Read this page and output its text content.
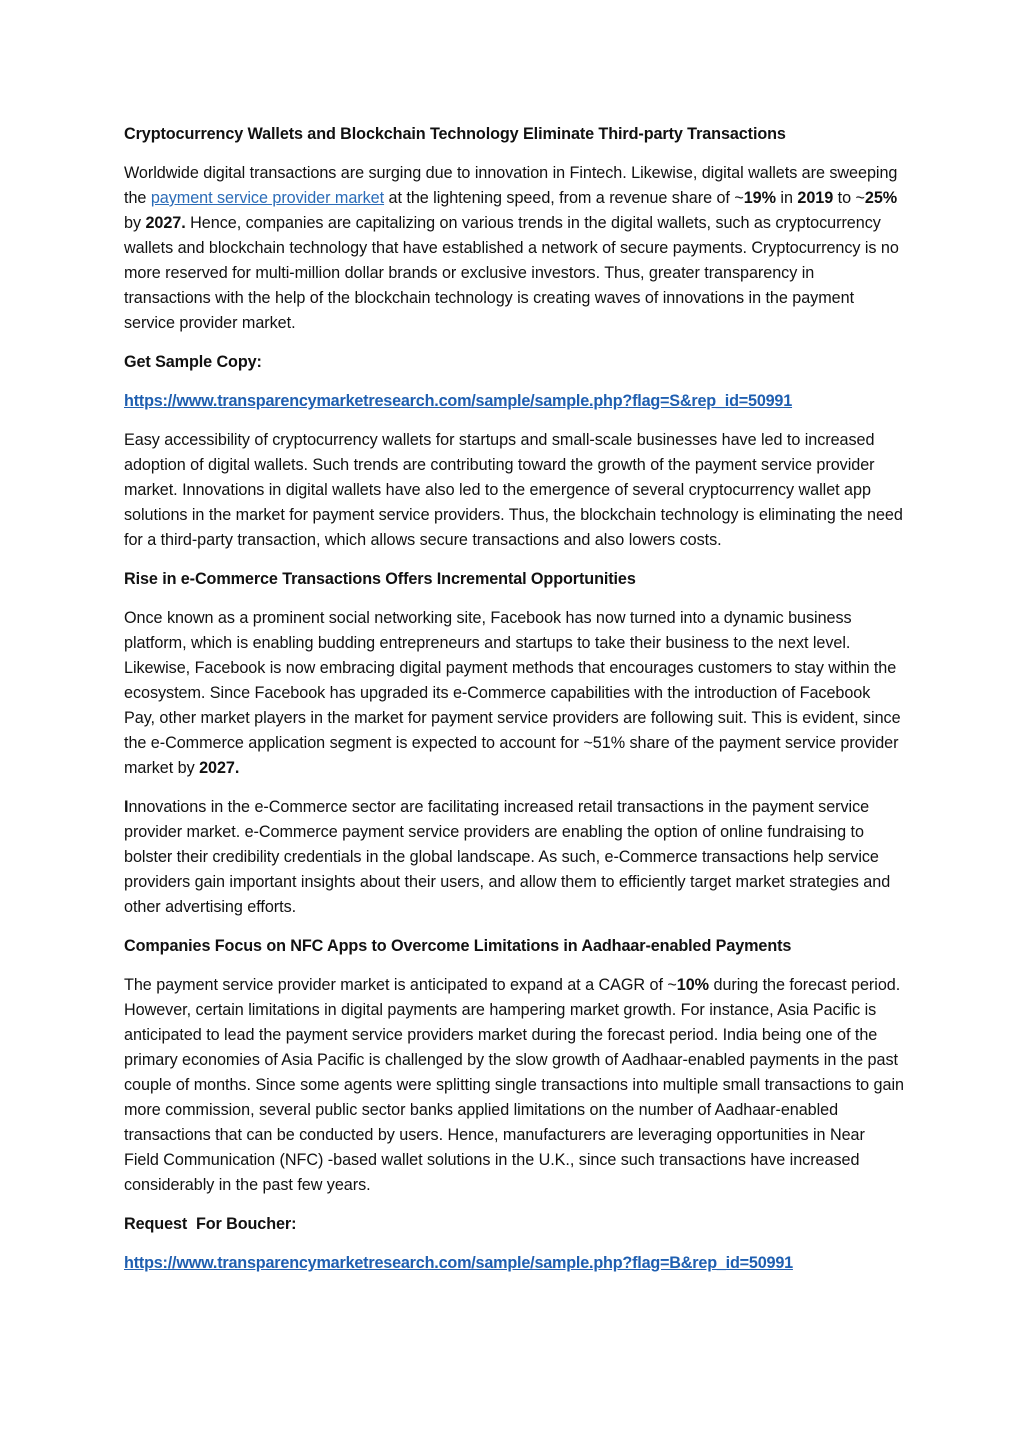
Cryptocurrency Wallets and Blockchain Technology Eliminate Third-party Transactions

Worldwide digital transactions are surging due to innovation in Fintech. Likewise, digital wallets are sweeping the payment service provider market at the lightening speed, from a revenue share of ~19% in 2019 to ~25% by 2027. Hence, companies are capitalizing on various trends in the digital wallets, such as cryptocurrency wallets and blockchain technology that have established a network of secure payments. Cryptocurrency is no more reserved for multi-million dollar brands or exclusive investors. Thus, greater transparency in transactions with the help of the blockchain technology is creating waves of innovations in the payment service provider market.

Get Sample Copy:
https://www.transparencymarketresearch.com/sample/sample.php?flag=S&rep_id=50991

Easy accessibility of cryptocurrency wallets for startups and small-scale businesses have led to increased adoption of digital wallets. Such trends are contributing toward the growth of the payment service provider market. Innovations in digital wallets have also led to the emergence of several cryptocurrency wallet app solutions in the market for payment service providers. Thus, the blockchain technology is eliminating the need for a third-party transaction, which allows secure transactions and also lowers costs.

Rise in e-Commerce Transactions Offers Incremental Opportunities

Once known as a prominent social networking site, Facebook has now turned into a dynamic business platform, which is enabling budding entrepreneurs and startups to take their business to the next level. Likewise, Facebook is now embracing digital payment methods that encourages customers to stay within the ecosystem. Since Facebook has upgraded its e-Commerce capabilities with the introduction of Facebook Pay, other market players in the market for payment service providers are following suit. This is evident, since the e-Commerce application segment is expected to account for ~51% share of the payment service provider market by 2027.

Innovations in the e-Commerce sector are facilitating increased retail transactions in the payment service provider market. e-Commerce payment service providers are enabling the option of online fundraising to bolster their credibility credentials in the global landscape. As such, e-Commerce transactions help service providers gain important insights about their users, and allow them to efficiently target market strategies and other advertising efforts.

Companies Focus on NFC Apps to Overcome Limitations in Aadhaar-enabled Payments

The payment service provider market is anticipated to expand at a CAGR of ~10% during the forecast period. However, certain limitations in digital payments are hampering market growth. For instance, Asia Pacific is anticipated to lead the payment service providers market during the forecast period. India being one of the primary economies of Asia Pacific is challenged by the slow growth of Aadhaar-enabled payments in the past couple of months. Since some agents were splitting single transactions into multiple small transactions to gain more commission, several public sector banks applied limitations on the number of Aadhaar-enabled transactions that can be conducted by users. Hence, manufacturers are leveraging opportunities in Near Field Communication (NFC) -based wallet solutions in the U.K., since such transactions have increased considerably in the past few years.

Request  For Boucher:
https://www.transparencymarketresearch.com/sample/sample.php?flag=B&rep_id=50991
